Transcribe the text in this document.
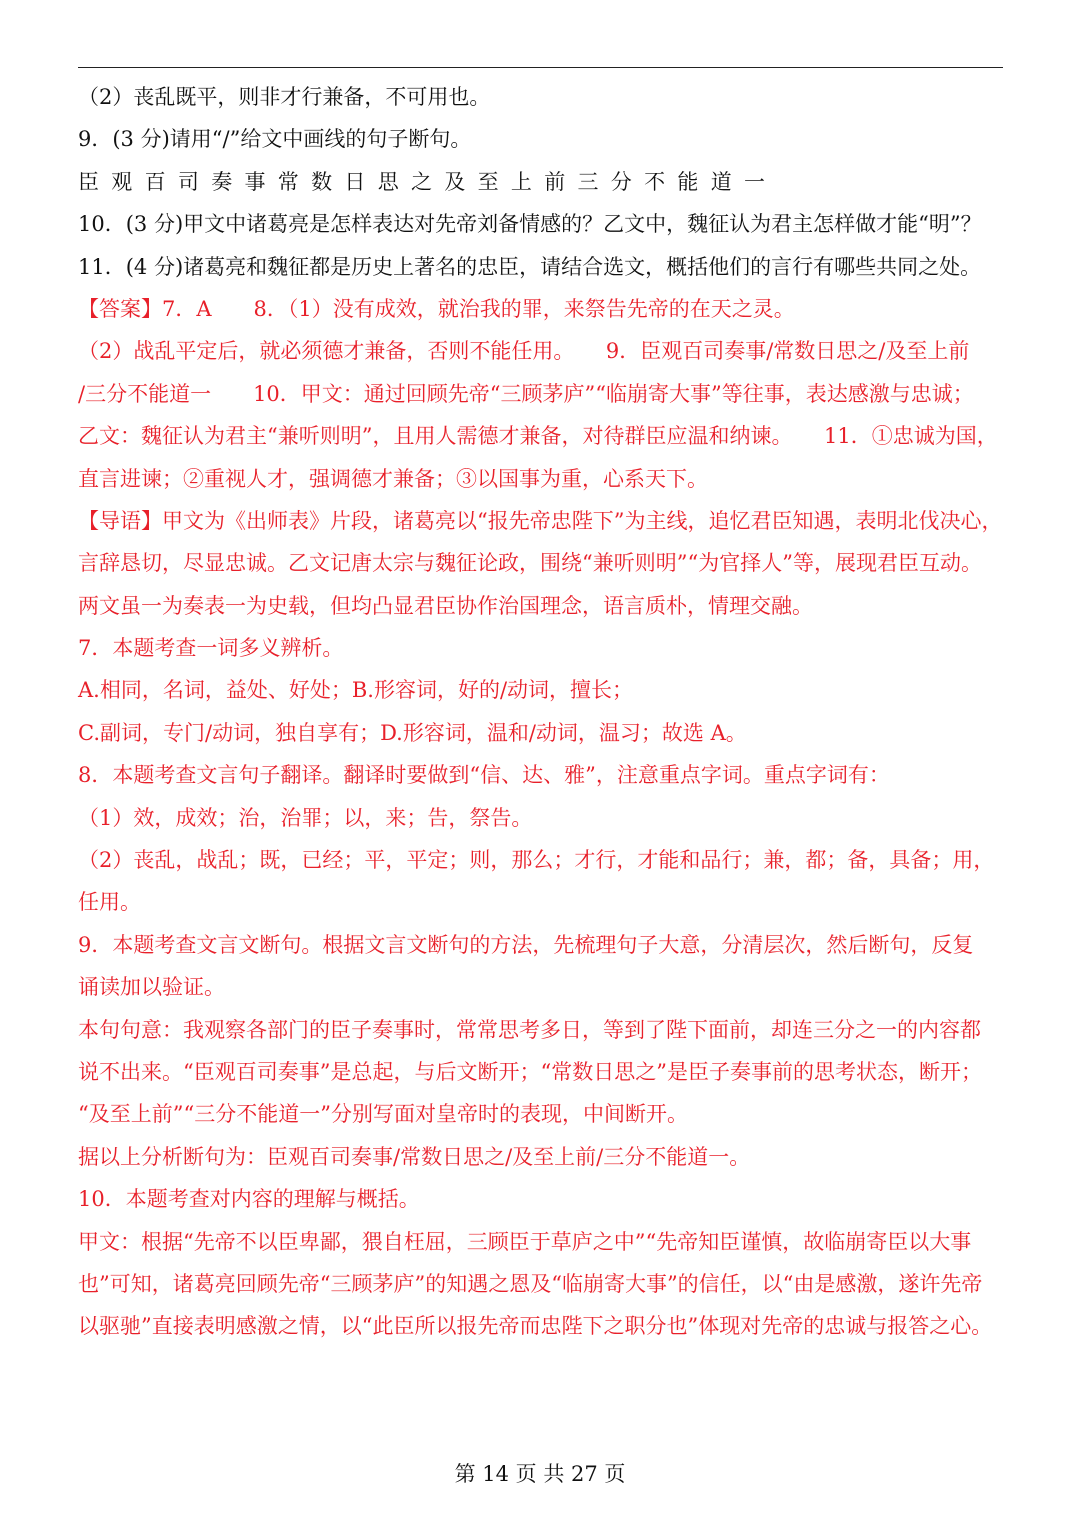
（2）丧乱既平，则非才行兼备，不可用也。
9．(3 分)请用“/”给文中画线的句子断句。
臣观百司奏事常数日思之及至上前三分不能道一
10．(3 分)甲文中诸葛亮是怎样表达对先帝刘备情感的？乙文中，魏征认为君主怎样做才能“明”？
11．(4 分)诸葛亮和魏征都是历史上著名的忠臣，请结合选文，概括他们的言行有哪些共同之处。
【答案】7．A　　8．（1）没有成效，就治我的罪，来祭告先帝的在天之灵。
（2）战乱平定后，就必须德才兼备，否则不能任用。　　9．臣观百司奏事/常数日思之/及至上前
/三分不能道一　　10．甲文：通过回顾先帝“三顾茅庐”“临崩寄大事”等往事，表达感激与忠诚；
乙文：魏征认为君主“兼听则明”，且用人需德才兼备，对待群臣应温和纳谏。　　11．①忠诚为国，
直言进谏；②重视人才，强调德才兼备；③以国事为重，心系天下。
【导语】甲文为《出师表》片段，诸葛亮以“报先帝忠陛下”为主线，追忆君臣知遇，表明北伐决心，
言辞恳切，尽显忠诚。乙文记唐太宗与魏征论政，围绕“兼听则明”“为官择人”等，展现君臣互动。
两文虽一为奏表一为史载，但均凸显君臣协作治国理念，语言质朴，情理交融。
7．本题考查一词多义辨析。
A.相同，名词，益处、好处；B.形容词，好的/动词，擅长；
C.副词，专门/动词，独自享有；D.形容词，温和/动词，温习；故选 A。
8．本题考查文言句子翻译。翻译时要做到“信、达、雅”，注意重点字词。重点字词有：
（1）效，成效；治，治罪；以，来；告，祭告。
（2）丧乱，战乱；既，已经；平，平定；则，那么；才行，才能和品行；兼，都；备，具备；用，
任用。
9．本题考查文言文断句。根据文言文断句的方法，先梳理句子大意，分清层次，然后断句，反复
诵读加以验证。
本句句意：我观察各部门的臣子奏事时，常常思考多日，等到了陛下面前，却连三分之一的内容都
说不出来。“臣观百司奏事”是总起，与后文断开；“常数日思之”是臣子奏事前的思考状态，断开；
“及至上前”“三分不能道一”分别写面对皇帝时的表现，中间断开。
据以上分析断句为：臣观百司奏事/常数日思之/及至上前/三分不能道一。
10．本题考查对内容的理解与概括。
甲文：根据“先帝不以臣卑鄙，猥自枉屈，三顾臣于草庐之中”“先帝知臣谨慎，故临崩寄臣以大事
也”可知，诸葛亮回顾先帝“三顾茅庐”的知遇之恩及“临崩寄大事”的信任，以“由是感激，遂许先帝
以驱驰”直接表明感激之情，以“此臣所以报先帝而忠陛下之职分也”体现对先帝的忠诚与报答之心。
第 14 页 共 27 页
